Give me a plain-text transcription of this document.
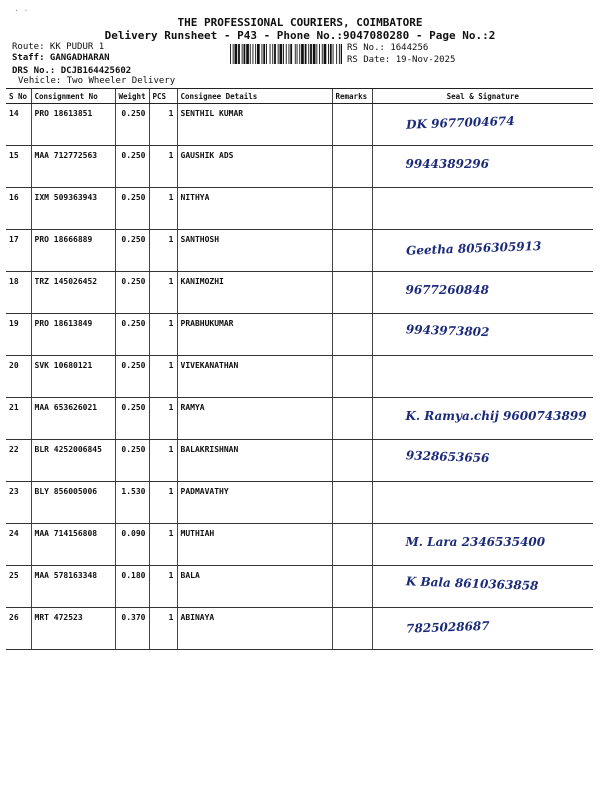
· ·
THE PROFESSIONAL COURIERS, COIMBATORE
Delivery Runsheet - P43 - Phone No.:9047080280 - Page No.:2
Route: KK PUDUR 1
Staff: GANGADHARAN
DRS No.: DCJB164425602
Vehicle: Two Wheeler Delivery
RS No.: 1644256
RS Date: 19-Nov-2025
S No	Consignment No	Weight	PCS	Consignee Details	Remarks	Seal & Signature
14	PRO 18613851	0.250	1	SENTHIL KUMAR		DK 9677004674

15	MAA 712772563	0.250	1	GAUSHIK ADS		9944389296

16	IXM 509363943	0.250	1	NITHYA		

17	PRO 18666889	0.250	1	SANTHOSH		Geetha 8056305913

18	TRZ 145026452	0.250	1	KANIMOZHI		9677260848

19	PRO 18613849	0.250	1	PRABHUKUMAR		9943973802

20	SVK 10680121	0.250	1	VIVEKANATHAN		

21	MAA 653626021	0.250	1	RAMYA		K. Ramya.chij 9600743899

22	BLR 4252006845	0.250	1	BALAKRISHNAN		9328653656

23	BLY 856005006	1.530	1	PADMAVATHY		

24	MAA 714156808	0.090	1	MUTHIAH		M. Lara 2346535400

25	MAA 578163348	0.180	1	BALA		K Bala 8610363858

26	MRT 472523	0.370	1	ABINAYA		7825028687
